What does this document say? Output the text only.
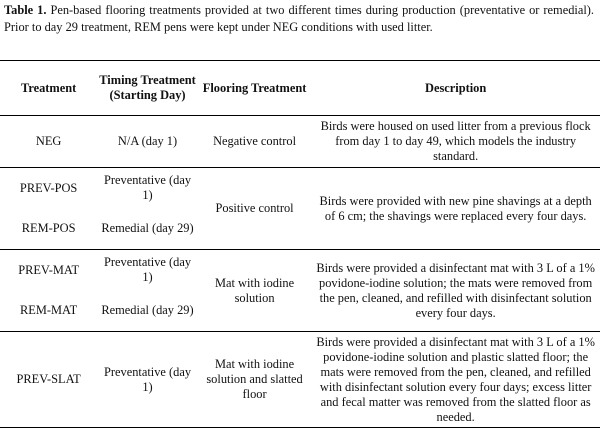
Table 1. Pen-based flooring treatments provided at two different times during production (preventative or remedial). Prior to day 29 treatment, REM pens were kept under NEG conditions with used litter.
Treatment	Timing Treatment (Starting Day)	Flooring Treatment	Description
NEG	N/A (day 1)	Negative control	Birds were housed on used litter from a previous flock from day 1 to day 49, which models the industry standard.
PREV-POS	Preventative (day 1)	Positive control	Birds were provided with new pine shavings at a depth of 6 cm; the shavings were replaced every four days.
REM-POS	Remedial (day 29)		
PREV-MAT	Preventative (day 1)	Mat with iodine solution	Birds were provided a disinfectant mat with 3 L of a 1% povidone-iodine solution; the mats were removed from the pen, cleaned, and refilled with disinfectant solution every four days.
REM-MAT	Remedial (day 29)		
PREV-SLAT	Preventative (day 1)	Mat with iodine solution and slatted floor	Birds were provided a disinfectant mat with 3 L of a 1% povidone-iodine solution and plastic slatted floor; the mats were removed from the pen, cleaned, and refilled with disinfectant solution every four days; excess litter and fecal matter was removed from the slatted floor as needed.
